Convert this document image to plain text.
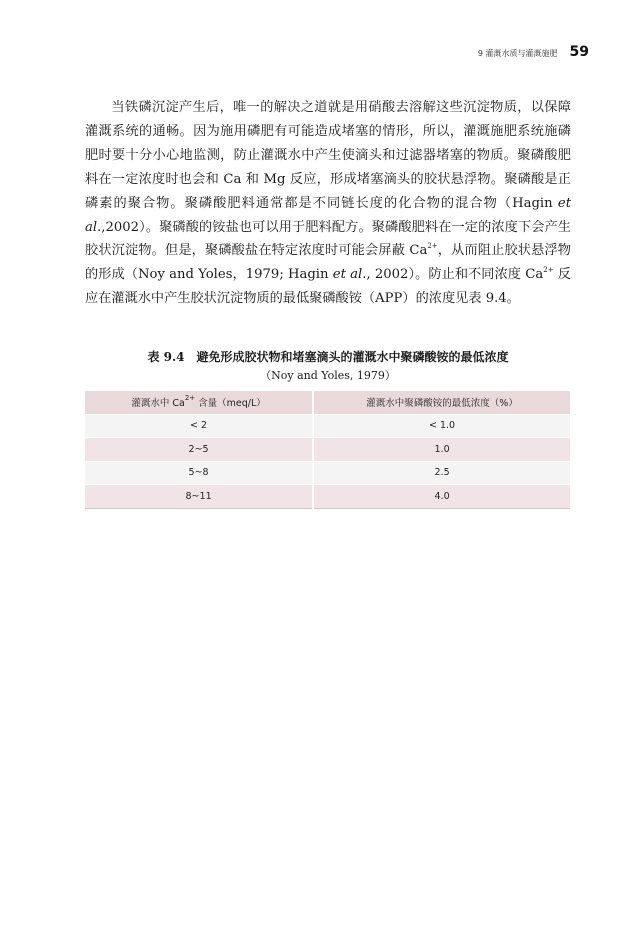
9 灌溉水质与灌溉施肥 59

当铁磷沉淀产生后，唯一的解决之道就是用硝酸去溶解这些沉淀物质，以保障灌溉系统的通畅。因为施用磷肥有可能造成堵塞的情形，所以，灌溉施肥系统施磷肥时要十分小心地监测，防止灌溉水中产生使滴头和过滤器堵塞的物质。聚磷酸肥料在一定浓度时也会和 Ca 和 Mg 反应，形成堵塞滴头的胶状悬浮物。聚磷酸是正磷素的聚合物。聚磷酸肥料通常都是不同链长度的化合物的混合物（Hagin et al.,2002）。聚磷酸的铵盐也可以用于肥料配方。聚磷酸肥料在一定的浓度下会产生胶状沉淀物。但是，聚磷酸盐在特定浓度时可能会屏蔽 $Ca^{2+}$，从而阻止胶状悬浮物的形成（Noy and Yoles，1979; Hagin et al., 2002）。防止和不同浓度 $Ca^{2+}$ 反应在灌溉水中产生胶状沉淀物质的最低聚磷酸铵（APP）的浓度见表 9.4。

表 9.4　避免形成胶状物和堵塞滴头的灌溉水中聚磷酸铵的最低浓度
（Noy and Yoles, 1979）
灌溉水中 $Ca^{2+}$ 含量（meq/L）	灌溉水中聚磷酸铵的最低浓度（%）
< 2	< 1.0
2~5	1.0
5~8	2.5
8~11	4.0
